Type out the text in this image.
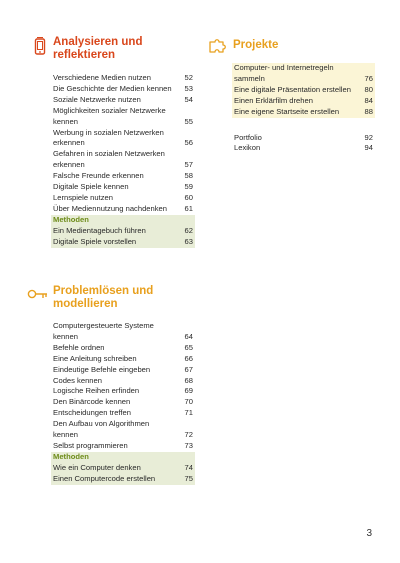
Analysieren und
reflektieren
Verschiedene Medien nutzen	52
Die Geschichte der Medien kennen 53
Soziale Netzwerke nutzen	54
Möglichkeiten sozialer Netzwerke
kennen	55
Werbung in sozialen Netzwerken
erkennen	56
Gefahren in sozialen Netzwerken
erkennen	57
Falsche Freunde erkennen	58
Digitale Spiele kennen	59
Lernspiele nutzen	60
Über Mediennutzung nachdenken 61
Methoden
Ein Medientagebuch führen	62
Digitale Spiele vorstellen	63
Projekte
Computer- und Internetregeln
sammeln	76
Eine digitale Präsentation erstellen 80
Einen Erklärfilm drehen	84
Eine eigene Startseite erstellen	88
Portfolio	92
Lexikon	94
Problemlösen und
modellieren
Computergesteuerte Systeme
kennen	64
Befehle ordnen	65
Eine Anleitung schreiben	66
Eindeutige Befehle eingeben	67
Codes kennen	68
Logische Reihen erfinden	69
Den Binärcode kennen	70
Entscheidungen treffen	71
Den Aufbau von Algorithmen
kennen	72
Selbst programmieren	73
Methoden
Wie ein Computer denken	74
Einen Computercode erstellen	75
3
